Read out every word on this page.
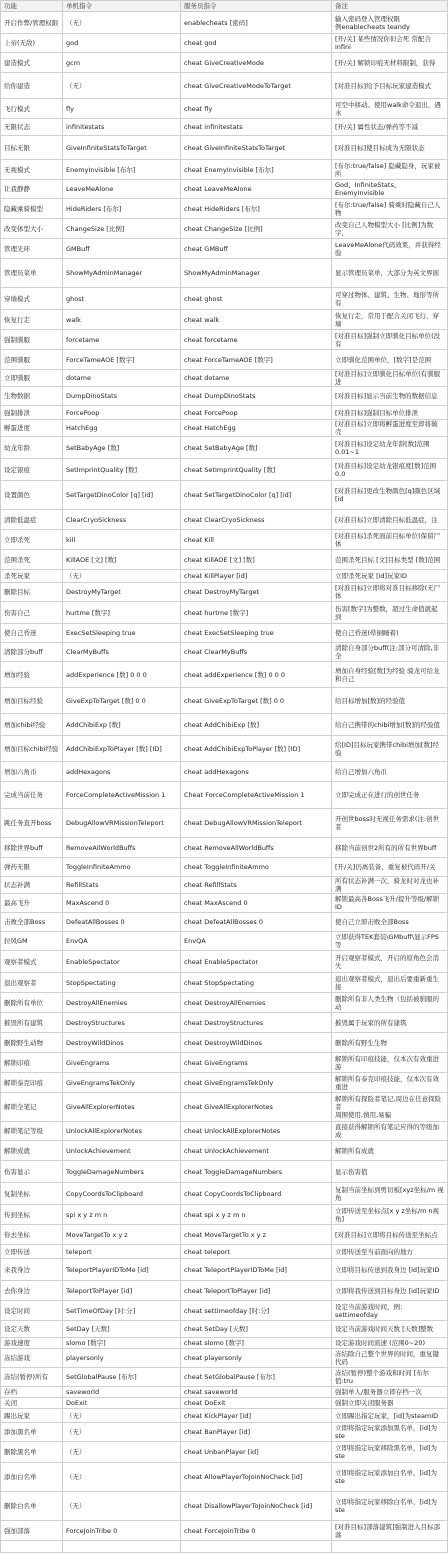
功能	单机指令	服务员指令	备注
开启作弊/管理权限	（无）	enablecheats [密码]	输入密码登入管理权限
例enablecheats teandy
上帝(无敌)	god	cheat god	[开/关] 某些情况你但会死 常配合infini
建造模式	gcm	cheat GiveCreativeMode	[开/关] 解锁印痕无材料限制，获得
给你建造	（无）	cheat GiveCreativeModeToTarget	[对准目标]给予目标玩家建造模式
飞行模式	fly	cheat fly	可空中移动。使用walk命令退出，遇水
无限状态	infinitestats	cheat infinitestats	[开/关] 属性状态/弹药等不减
目标无限	GiveInfiniteStatsToTarget	cheat GiveInfiniteStatsToTarget	[对准目标]使目标成为无限状态
无视模式	EnemyInvisible [布尔]	cheat EnemyInvisible [布尔]	[布尔:true/false] 隐藏隐身，玩家被所
让我静静	LeaveMeAlone	cheat LeaveMeAlone	God、InfiniteStats、EnemyInvisible
隐藏乘骑模型	HideRiders [布尔]	cheat HideRiders [布尔]	[布尔:true/false] 骑乘时隐藏自己人物
改变体型大小	ChangeSize [比例]	cheat ChangeSize [比例]	改变自己人物模型大小 [比例]为数字，
管理光环	GMBuff	cheat GMBuff	LeaveMeAlone代码效果，并获得经验
管理员菜单	ShowMyAdminManager	ShowMyAdminManager	显示管理员菜单，大部分为英文界面
穿墙模式	ghost	cheat ghost	可穿过物体、建筑、生物、地形等所有
恢复行走	walk	cheat walk	恢复行走，常用于配合关闭飞行、穿墙
强制驯服	forcetame	cheat forcetame	[对准目标]强制立即驯化目标单位(没有
范围驯服	ForceTameAOE [数字]	cheat ForceTameAOE [数字]	立即驯化范围单位，[数字]是范围
立即驯服	dotame	cheat dotame	[对准目标]立即驯化目标单位(有驯服进
生物数据	DumpDinoStats	cheat DumpDinoStats	[对准目标]显示当前生物的数据信息
强制排泄	ForcePoop	cheat ForcePoop	[对准目标]强制目标单位排泄
孵蛋进度	HatchEgg	cheat HatchEgg	[对准目标]立即将孵蛋进度至即将破壳
幼龙年龄	SetBabyAge [数]	cheat SetBabyAge [数]	[对准目标]设定幼龙年龄[数]范围0.01~1
设定银痕	SetImprintQuality [数]	cheat SetImprintQuality [数]	[对准目标]设定幼龙银痕度[数]范围0.0
设置颜色	SetTargetDinoColor [q] [id]	cheat SetTargetDinoColor [q] [id]	[对准目标]更改生物颜色[q]颜色区域 [id
清除低温症	ClearCryoSickness	cheat ClearCryoSickness	[对准目标]立即清除目标低温症，注
立即杀死	kill	cheat Kill	[对准目标]杀死面前目标单位(保留尸体
范围杀死	KillAOE [文] [数]	cheat KillAOE [文] [数]	范围杀死目标 [文]目标类型 [数]范围
杀死玩家	（无）	cheat KillPlayer [id]	立即杀死玩家 [id]玩家ID
删除目标	DestroyMyTarget	cheat DestroyMyTarget	[对准目标]立即将对准目标移除(无尸体
伤害自己	hurtme [数字]	cheat hurtme [数字]	伤害[数字]为整数，超过生命值就起到
使自己昏迷	ExecSetSleeping true	cheat ExecSetSleeping true	使自己昏迷(晕倒睡着)
清除部分buff	ClearMyBuffs	cheat ClearMyBuffs	清除自身部分buff(注:部分可清除,非全
增加经验	addExperience [数] 0 0 0	cheat addExperience [数] 0 0 0	增加自身经验[数]为经验 骑龙可给龙和自己
增加目标经验	GiveExpToTarget [数] 0 0	cheat GiveExpToTarget [数] 0 0	给目标增加[数]的经验值
增加chibi经验	AddChibiExp [数]	cheat AddChibiExp [数]	给自己携带的chibi增加[数]的经验值
增加目标chibi经验	AddChibiExpToPlayer [数] [ID]	cheat AddChibiExpToPlayer [数] [ID]	给[ID]目标玩家携带chibi增加[数]经验
增加六角币	addHexagons	cheat addHexagons	给自己增加六角币
完成当前任务	ForceCompleteActiveMission 1	Cheat ForceCompleteActiveMission 1	立即完成正在进行的创世任务
跳任务直开boss	DebugAllowVRMissionTeleport	cheat DebugAllowVRMissionTeleport	开创世boss时无视任务需求(注:创世者
移除世界buff	RemoveAllWorldBuffs	cheat RemoveAllWorldBuffs	移除当前创世2所有的所有世界buff
弹药无限	ToggleInfiniteAmmo	cheat ToggleInfiniteAmmo	[开/关]仍离装备，重复被代码开/关
状态补满	RefillStats	cheat RefillStats	所有状态补满一次，骑龙时对龙也补满
最高飞升	MaxAscend 0	cheat MaxAscend 0	解锁最高各Boss飞升/提升等级/解锁ID
击败全部Boss	DefeatAllBosses 0	cheat DefeatAllBosses 0	使自己立即击败全部Boss
拉风GM	EnvQA	EnvQA	立即获得TEK套装\GMbuff\显示FPS等
观察者模式	EnableSpectator	cheat EnableSpectator	开启观察者模式，开启的原角色会消失
退出观察者	StopSpectating	cheat StopSpectating	退出观察者模式，退出后要重新重生接
删除所有单位	DestroyAllEnemies	cheat DestroyAllEnemies	删除所有非人类生物（包括被驯服的动
摧毁所有建筑	DestroyStructures	cheat DestroyStructures	摧毁属于玩家的所有建筑
删除野生动物	DestroyWildDinos	cheat DestroyWildDinos	删除所有野生生物
解锁印痕	GiveEngrams	cheat GiveEngrams	解锁所有印痕技能，仅本次有效重进游
解锁泰克印痕	GiveEngramsTekOnly	cheat GiveEngramsTekOnly	解锁所有泰克印痕技能，仅本次有效重进
解锁全笔记	GiveAllExplorerNotes	cheat GiveAllExplorerNotes	解锁所有探险者笔记,周边在任意探险者
周围使用,慎用,易骗
解锁笔记等级	UnlockAllExplorerNotes	cheat UnlockAllExplorerNotes	直接获得解锁所有笔记应得的等级加成
解锁成就	UnlockAchievement	cheat UnlockAchievement	解锁所有成就
伤害显示	ToggleDamageNumbers	cheat ToggleDamageNumbers	显示伤害值
复制坐标	CopyCoordsToClipboard	cheat CopyCoordsToClipboard	复制当前坐标到剪切板[xyz坐标/m 视角
传到坐标	spi x y z m n	cheat spi x y z m n	立即传送至坐标点[x y z坐标/m n视角]
你去坐标	MoveTargetTo x y z	cheat MoveTargetTo x y z	[对准目标]立即将目标传送至坐标点
立即传送	teleport	cheat teleport	立即传送至当前面向的地方
来我身边	TeleportPlayerIDToMe [id]	cheat TeleportPlayerIDToMe [id]	立即将目标传送到我身边 [id]玩家ID
去你身边	TeleportToPlayer [id]	cheat TeleportToPlayer [id]	立即将我传送到目标身边 [id]玩家ID
设定时间	SetTimeOfDay [时:分]	cheat settimeofday [时:分]	设定当前游戏时间，例：settimeofday
设定天数	SetDay [天数]	cheat SetDay [天数]	设定当前游戏时间天数 [天数]整数
游戏速度	slomo [数字]	cheat slomo [数字]	设定游戏时间流速 (范围0~20)
冻结游戏	playersonly	cheat playersonly	冻结除自己整个世界的时间，重复键代码
冻结(暂停)所有	SetGlobalPause [布尔]	cheat SetGlobalPause [布尔]	冻结(暂停)整个游戏和时间 [布尔值:tru
存档	saveworld	cheat saveworld	强制单人/服务器立即存档一次
关闭	DoExit	cheat DoExit	强制立即关闭服务器
踢出玩家	（无）	cheat KickPlayer [id]	立即踢出指定玩家，[id]为steamID
添加黑名单	（无）	cheat BanPlayer [id]	立即将指定玩家添加黑名单，[id]为ste
删除黑名单	（无）	cheat UnbanPlayer [id]	立即将指定玩家移除黑名单，[id]为ste
添加白名单	（无）	cheat AllowPlayerToJoinNoCheck [id]	立即将指定玩家添加白名单，[id]为ste
删除白名单	（无）	cheat DisallowPlayerToJoinNoCheck [id]	立即将指定玩家移除白名单，[id]为ste
强加部落	ForceJoinTribe 0	cheat ForceJoinTribe 0	[对准目标]部落建筑]强制进入目标部落
